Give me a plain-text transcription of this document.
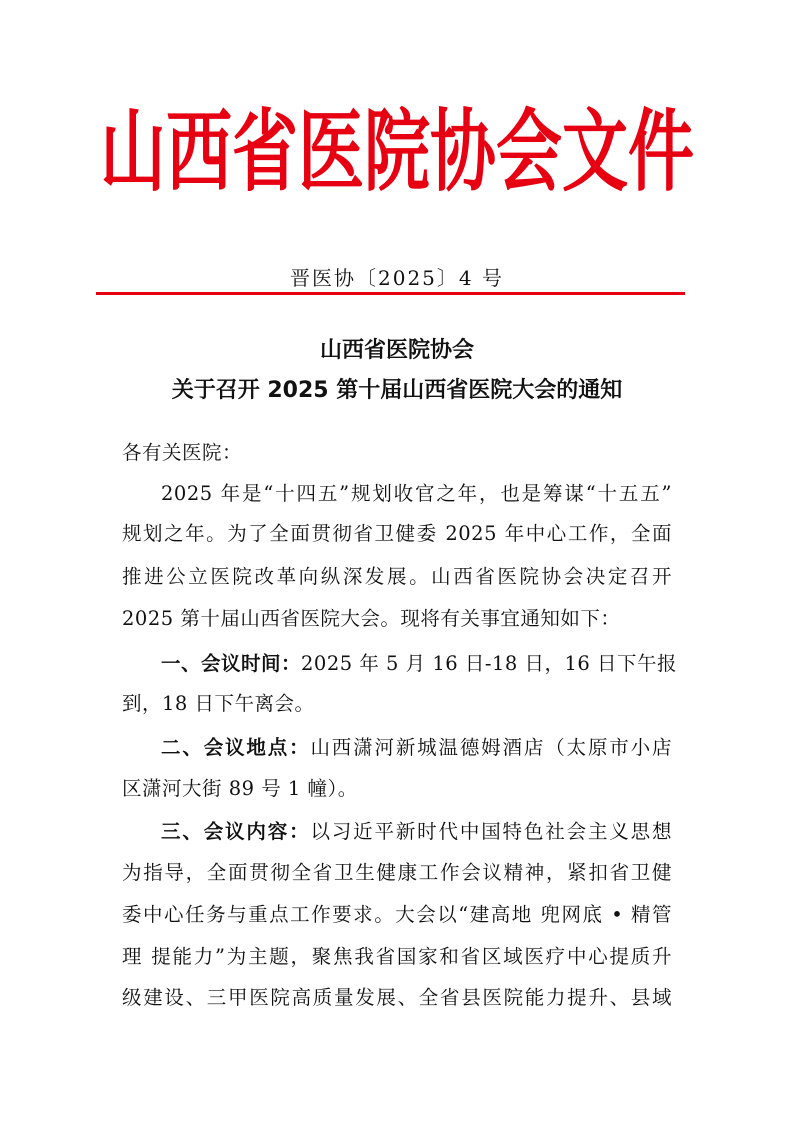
山西省医院协会文件
晋医协〔2025〕4 号
山西省医院协会
关于召开 2025 第十届山西省医院大会的通知
各有关医院：
2025 年是“十四五”规划收官之年，也是筹谋“十五五”
规划之年。为了全面贯彻省卫健委 2025 年中心工作，全面
推进公立医院改革向纵深发展。山西省医院协会决定召开
2025 第十届山西省医院大会。现将有关事宜通知如下：
一、会议时间：2025 年 5 月 16 日-18 日，16 日下午报
到，18 日下午离会。
二、会议地点：山西潇河新城温德姆酒店（太原市小店
区潇河大街 89 号 1 幢）。
三、会议内容：以习近平新时代中国特色社会主义思想
为指导，全面贯彻全省卫生健康工作会议精神，紧扣省卫健
委中心任务与重点工作要求。大会以“建高地 兜网底 • 精管
理 提能力”为主题，聚焦我省国家和省区域医疗中心提质升
级建设、三甲医院高质量发展、全省县医院能力提升、县域
